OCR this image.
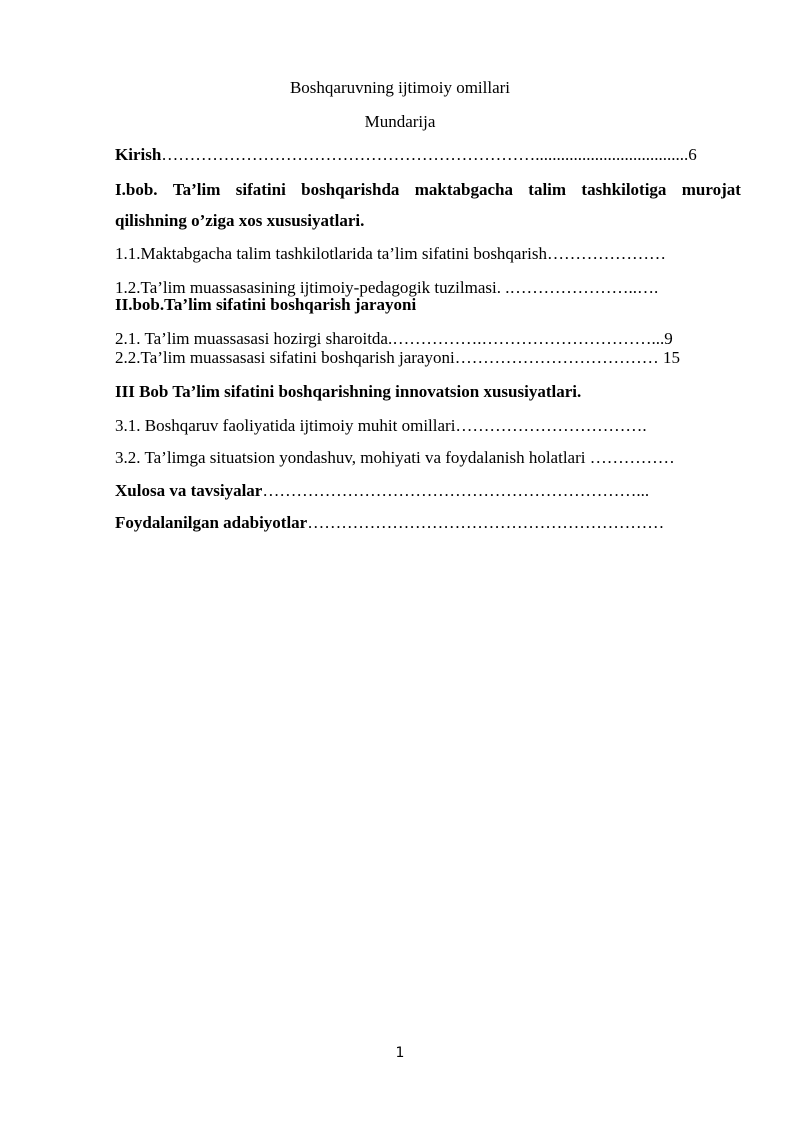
Boshqaruvning ijtimoiy omillari
Mundarija
Kirish…………………………………………………………....................................6
I.bob. Ta’lim sifatini boshqarishda maktabgacha talim tashkilotiga murojat
qilishning o’ziga xos xususiyatlari.
1.1.Maktabgacha talim tashkilotlarida ta’lim sifatini boshqarish…………………
1.2.Ta’lim muassasasining ijtimoiy-pedagogik tuzilmasi. .…………………..….
II.bob.Ta’lim sifatini boshqarish jarayoni
2.1. Ta’lim muassasasi hozirgi sharoitda.…………….…………………………...9
2.2.Ta’lim muassasasi sifatini boshqarish jarayoni……………………………… 15
III Bob Ta’lim sifatini boshqarishning innovatsion xususiyatlari.
3.1. Boshqaruv faoliyatida ijtimoiy muhit omillari…………………………….
3.2. Ta’limga situatsion yondashuv, mohiyati va foydalanish holatlari ……………
Xulosa va tavsiyalar…………………………………………………………...
Foydalanilgan adabiyotlar………………………………………………………
1
